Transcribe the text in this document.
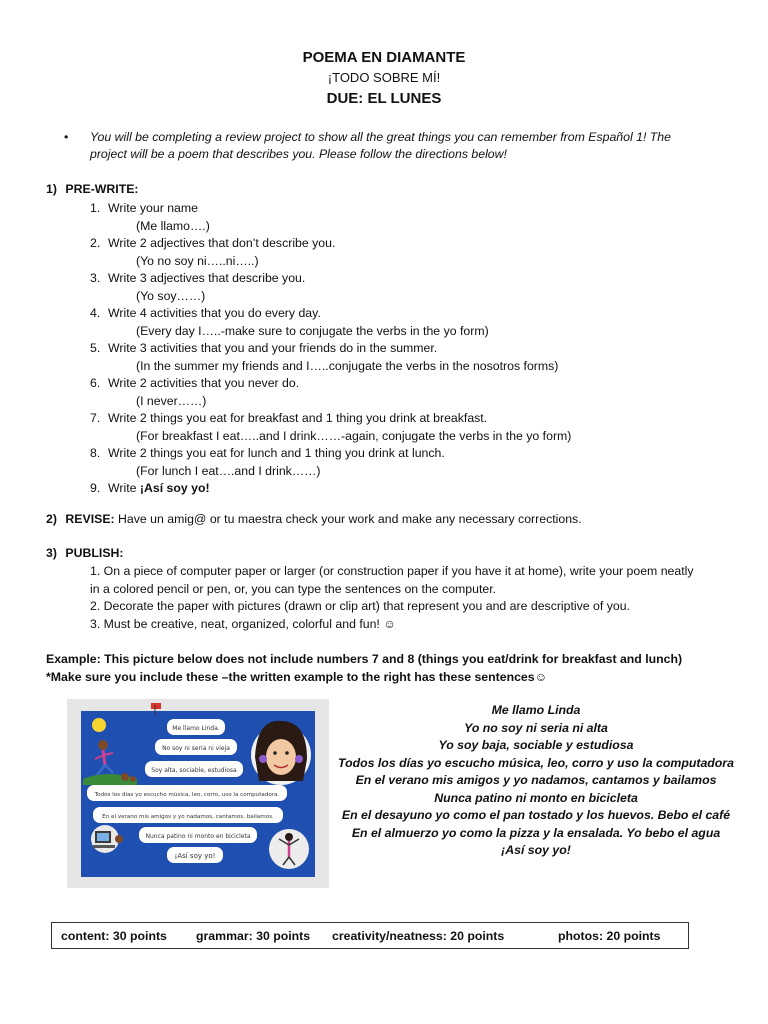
POEMA EN DIAMANTE
¡TODO SOBRE MÍ!
DUE: EL LUNES
• You will be completing a review project to show all the great things you can remember from Español 1! The
project will be a poem that describes you. Please follow the directions below!
1) PRE-WRITE:
1. Write your name
(Me llamo….)
2. Write 2 adjectives that don’t describe you.
(Yo no soy ni…..ni…..)
3. Write 3 adjectives that describe you.
(Yo soy……)
4. Write 4 activities that you do every day.
(Every day I…..-make sure to conjugate the verbs in the yo form)
5. Write 3 activities that you and your friends do in the summer.
(In the summer my friends and I…..conjugate the verbs in the nosotros forms)
6. Write 2 activities that you never do.
(I never……)
7. Write 2 things you eat for breakfast and 1 thing you drink at breakfast.
(For breakfast I eat…..and I drink……-again, conjugate the verbs in the yo form)
8. Write 2 things you eat for lunch and 1 thing you drink at lunch.
(For lunch I eat….and I drink……)
9. Write ¡Así soy yo!
2) REVISE: Have un amig@ or tu maestra check your work and make any necessary corrections.
3) PUBLISH:
1. On a piece of computer paper or larger (or construction paper if you have it at home), write your poem neatly
in a colored pencil or pen, or, you can type the sentences on the computer.
2. Decorate the paper with pictures (drawn or clip art) that represent you and are descriptive of you.
3. Must be creative, neat, organized, colorful and fun! ☺
Example: This picture below does not include numbers 7 and 8 (things you eat/drink for breakfast and lunch)
*Make sure you include these –the written example to the right has these sentences☺
Me llamo Linda.
No soy ni seria ni vieja
Soy alta, sociable, estudiosa
Todos los días yo escucho música, leo, corro, uso la computadora.
En el verano mis amigos y yo nadamos, cantamos, bailamos.
Nunca patino ni monto en bicicleta
¡Así soy yo!
Me llamo Linda
Yo no soy ni seria ni alta
Yo soy baja, sociable y estudiosa
Todos los días yo escucho música, leo, corro y uso la computadora
En el verano mis amigos y yo nadamos, cantamos y bailamos
Nunca patino ni monto en bicicleta
En el desayuno yo como el pan tostado y los huevos. Bebo el café
En el almuerzo yo como la pizza y la ensalada. Yo bebo el agua
¡Así soy yo!
content: 30 points grammar: 30 points creativity/neatness: 20 points	photos: 20 points
